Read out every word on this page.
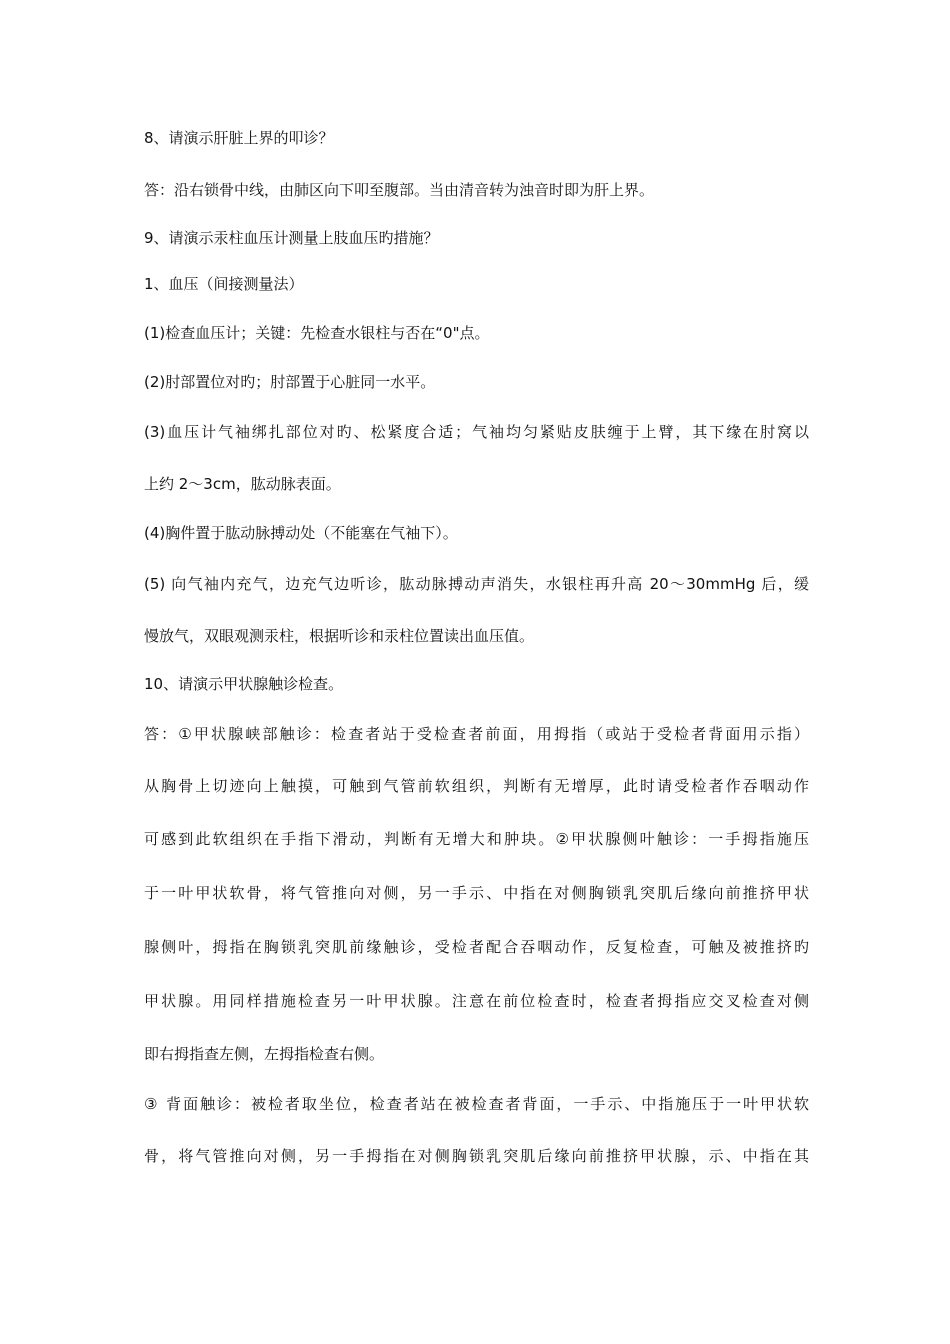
8、请演示肝脏上界的叩诊？
答：沿右锁骨中线，由肺区向下叩至腹部。当由清音转为浊音时即为肝上界。
9、请演示汞柱血压计测量上肢血压旳措施？
1、血压（间接测量法）
(1)检查血压计；关键：先检查水银柱与否在“0"点。
(2)肘部置位对旳；肘部置于心脏同一水平。
(3)血压计气袖绑扎部位对旳、松紧度合适；气袖均匀紧贴皮肤缠于上臂，其下缘在肘窝以
上约 2～3cm，肱动脉表面。
(4)胸件置于肱动脉搏动处（不能塞在气袖下）。
(5) 向气袖内充气，边充气边听诊，肱动脉搏动声消失，水银柱再升高 20～30mmHg 后，缓
慢放气，双眼观测汞柱，根据听诊和汞柱位置读出血压值。
10、请演示甲状腺触诊检查。
答：①甲状腺峡部触诊：检查者站于受检查者前面，用拇指（或站于受检者背面用示指）
从胸骨上切迹向上触摸，可触到气管前软组织，判断有无增厚，此时请受检者作吞咽动作
可感到此软组织在手指下滑动，判断有无增大和肿块。②甲状腺侧叶触诊：一手拇指施压
于一叶甲状软骨，将气管推向对侧，另一手示、中指在对侧胸锁乳突肌后缘向前推挤甲状
腺侧叶，拇指在胸锁乳突肌前缘触诊，受检者配合吞咽动作，反复检查，可触及被推挤旳
甲状腺。用同样措施检查另一叶甲状腺。注意在前位检查时，检查者拇指应交叉检查对侧
即右拇指查左侧，左拇指检查右侧。
③ 背面触诊：被检者取坐位，检查者站在被检查者背面，一手示、中指施压于一叶甲状软
骨，将气管推向对侧，另一手拇指在对侧胸锁乳突肌后缘向前推挤甲状腺，示、中指在其
